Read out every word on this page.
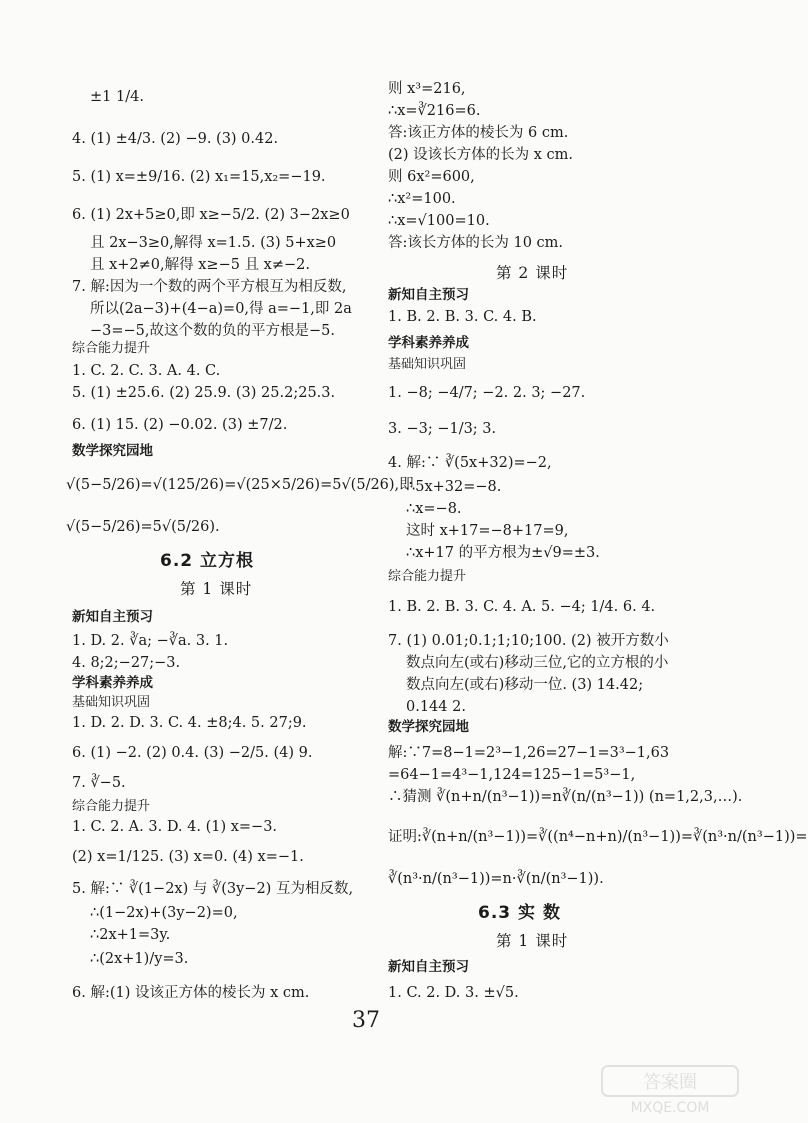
±1 1/4.
4. (1) ±4/3. (2) −9. (3) 0.42.
5. (1) x=±9/16. (2) x₁=15,x₂=−19.
6. (1) 2x+5≥0,即 x≥−5/2. (2) 3−2x≥0
且 2x−3≥0,解得 x=1.5. (3) 5+x≥0
且 x+2≠0,解得 x≥−5 且 x≠−2.
7. 解:因为一个数的两个平方根互为相反数,
所以(2a−3)+(4−a)=0,得 a=−1,即 2a
−3=−5,故这个数的负的平方根是−5.
1. C. 2. C. 3. A. 4. C.
5. (1) ±25.6. (2) 25.9. (3) 25.2;25.3.
6. (1) 15. (2) −0.02. (3) ±7/2.
√(5−5/26)=√(125/26)=√(25×5/26)=5√(5/26),即
√(5−5/26)=5√(5/26).
1. D. 2. ∛a; −∛a. 3. 1.
4. 8;2;−27;−3.
1. D. 2. D. 3. C. 4. ±8;4. 5. 27;9.
6. (1) −2. (2) 0.4. (3) −2/5. (4) 9.
7. ∛−5.
1. C. 2. A. 3. D. 4. (1) x=−3.
(2) x=1/125. (3) x=0. (4) x=−1.
5. 解:∵ ∛(1−2x) 与 ∛(3y−2) 互为相反数,
∴(1−2x)+(3y−2)=0,
∴2x+1=3y.
∴(2x+1)/y=3.
6. 解:(1) 设该正方体的棱长为 x cm.
综合能力提升
数学探究园地
新知自主预习
学科素养养成
基础知识巩固
综合能力提升
6.2 立方根
第 1 课时
则 x³=216,
∴x=∛216=6.
答:该正方体的棱长为 6 cm.
(2) 设该长方体的长为 x cm.
则 6x²=600,
∴x²=100.
∴x=√100=10.
答:该长方体的长为 10 cm.
1. B. 2. B. 3. C. 4. B.
1. −8; −4/7; −2. 2. 3; −27.
3. −3; −1/3; 3.
4. 解:∵ ∛(5x+32)=−2,
∴5x+32=−8.
∴x=−8.
这时 x+17=−8+17=9,
∴x+17 的平方根为±√9=±3.
1. B. 2. B. 3. C. 4. A. 5. −4; 1/4. 6. 4.
7. (1) 0.01;0.1;1;10;100. (2) 被开方数小
数点向左(或右)移动三位,它的立方根的小
数点向左(或右)移动一位. (3) 14.42;
0.144 2.
解:∵7=8−1=2³−1,26=27−1=3³−1,63
=64−1=4³−1,124=125−1=5³−1,
∴猜测 ∛(n+n/(n³−1))=n∛(n/(n³−1)) (n=1,2,3,…).
证明:∛(n+n/(n³−1))=∛((n⁴−n+n)/(n³−1))=∛(n³·n/(n³−1))=
∛(n³·n/(n³−1))=n·∛(n/(n³−1)).
1. C. 2. D. 3. ±√5.
新知自主预习
学科素养养成
基础知识巩固
综合能力提升
数学探究园地
新知自主预习
第 2 课时
6.3 实 数
第 1 课时
37
答案圈
MXQE.COM
